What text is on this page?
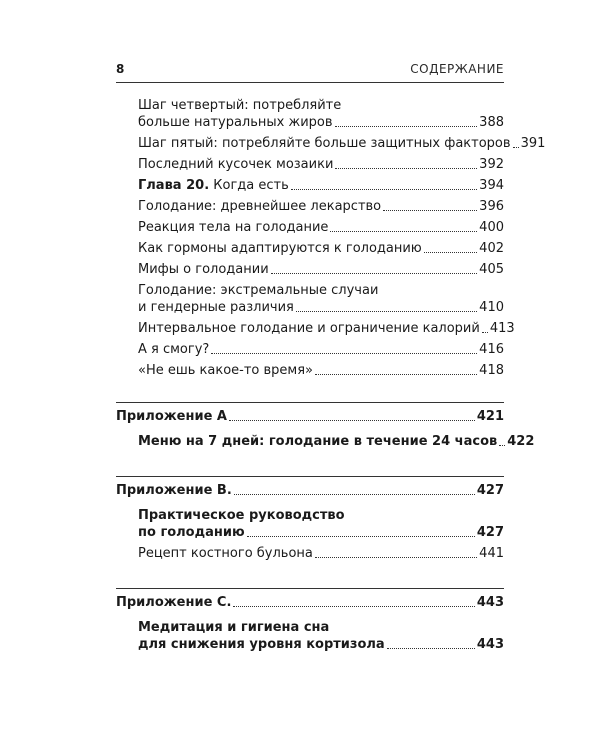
8	СОДЕРЖАНИЕ
Шаг четвертый: потребляйте
больше натуральных жиров	388
Шаг пятый: потребляйте больше защитных факторов 391
Последний кусочек мозаики	392
Глава 20. Когда есть	394
Голодание: древнейшее лекарство	396
Реакция тела на голодание	400
Как гормоны адаптируются к голоданию	402
Мифы о голодании	405
Голодание: экстремальные случаи
и гендерные различия	410
Интервальное голодание и ограничение калорий 413
А я смогу?	416
«Не ешь какое-то время»	418
Приложение A	421
Меню на 7 дней: голодание в течение 24 часов 422
Приложение B.	427
Практическое руководство
по голоданию	427
Рецепт костного бульона	441
Приложение C.	443
Медитация и гигиена сна
для снижения уровня кортизола	443
